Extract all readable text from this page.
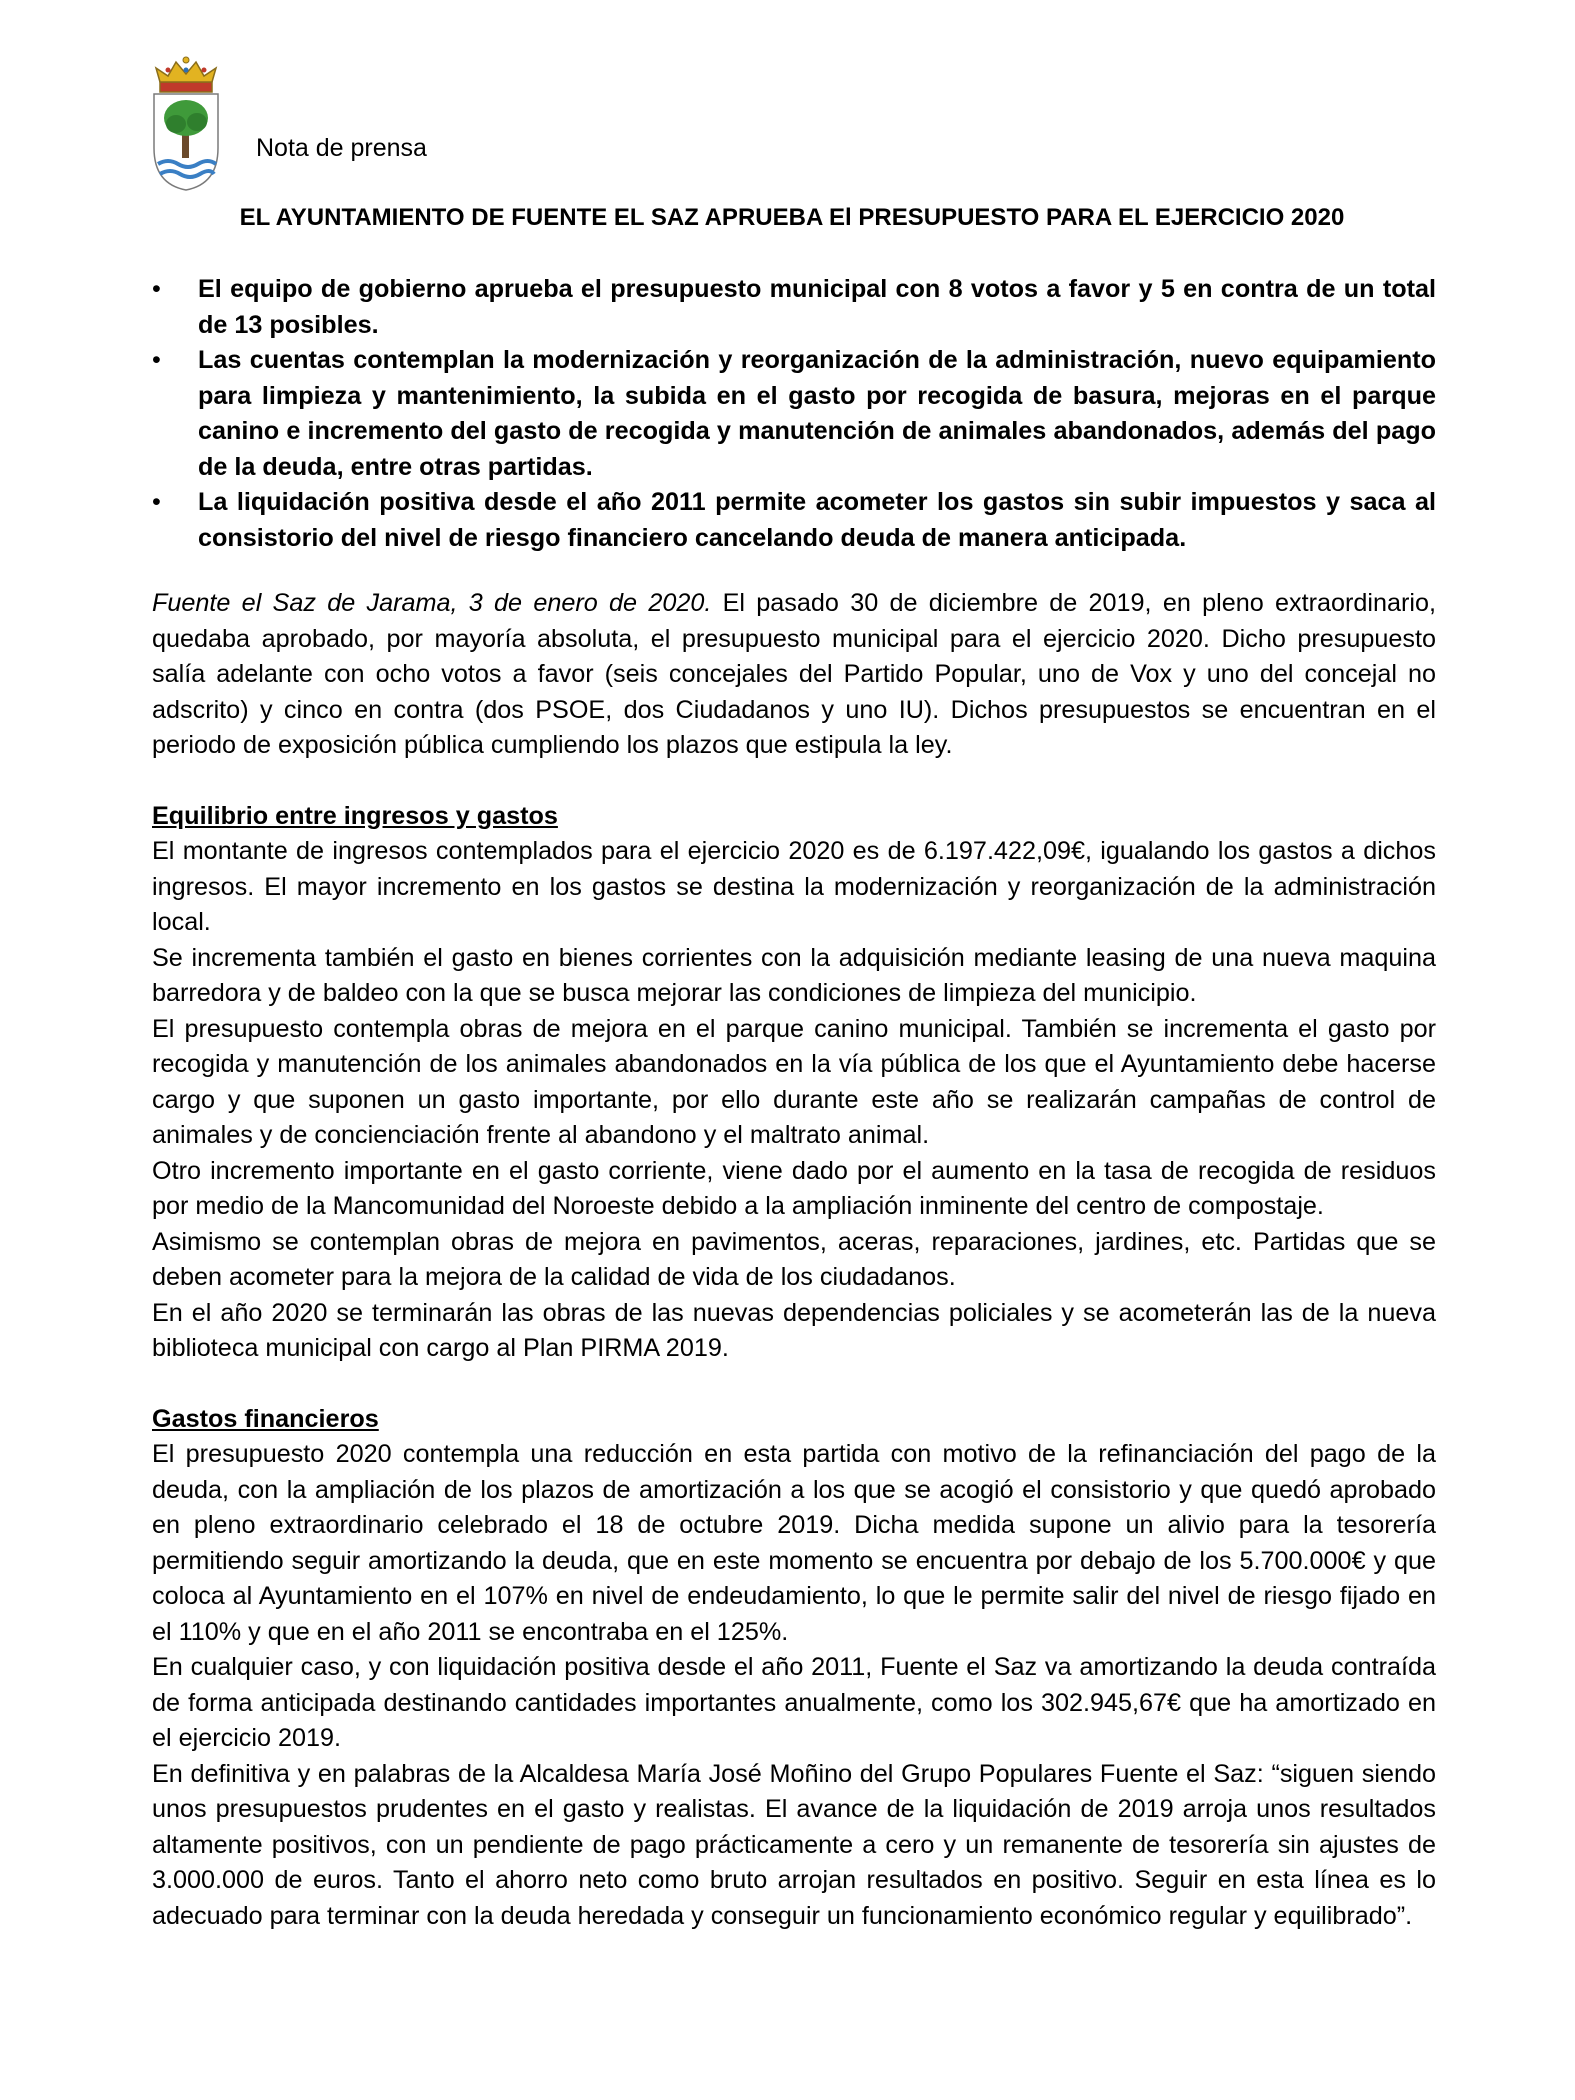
Nota de prensa
EL AYUNTAMIENTO DE FUENTE EL SAZ APRUEBA El PRESUPUESTO PARA EL EJERCICIO 2020
• El equipo de gobierno aprueba el presupuesto municipal con 8 votos a favor y 5 en contra de un total de 13 posibles.
• Las cuentas contemplan la modernización y reorganización de la administración, nuevo equipamiento para limpieza y mantenimiento, la subida en el gasto por recogida de basura, mejoras en el parque canino e incremento del gasto de recogida y manutención de animales abandonados, además del pago de la deuda, entre otras partidas.
• La liquidación positiva desde el año 2011 permite acometer los gastos sin subir impuestos y saca al consistorio del nivel de riesgo financiero cancelando deuda de manera anticipada.

Fuente el Saz de Jarama, 3 de enero de 2020. El pasado 30 de diciembre de 2019, en pleno extraordinario, quedaba aprobado, por mayoría absoluta, el presupuesto municipal para el ejercicio 2020. Dicho presupuesto salía adelante con ocho votos a favor (seis concejales del Partido Popular, uno de Vox y uno del concejal no adscrito) y cinco en contra (dos PSOE, dos Ciudadanos y uno IU). Dichos presupuestos se encuentran en el periodo de exposición pública cumpliendo los plazos que estipula la ley.

Equilibrio entre ingresos y gastos

El montante de ingresos contemplados para el ejercicio 2020 es de 6.197.422,09€, igualando los gastos a dichos ingresos. El mayor incremento en los gastos se destina la modernización y reorganización de la administración local.

Se incrementa también el gasto en bienes corrientes con la adquisición mediante leasing de una nueva maquina barredora y de baldeo con la que se busca mejorar las condiciones de limpieza del municipio.

El presupuesto contempla obras de mejora en el parque canino municipal. También se incrementa el gasto por recogida y manutención de los animales abandonados en la vía pública de los que el Ayuntamiento debe hacerse cargo y que suponen un gasto importante, por ello durante este año se realizarán campañas de control de animales y de concienciación frente al abandono y el maltrato animal.

Otro incremento importante en el gasto corriente, viene dado por el aumento en la tasa de recogida de residuos por medio de la Mancomunidad del Noroeste debido a la ampliación inminente del centro de compostaje.

Asimismo se contemplan obras de mejora en pavimentos, aceras, reparaciones, jardines, etc. Partidas que se deben acometer para la mejora de la calidad de vida de los ciudadanos.

En el año 2020 se terminarán las obras de las nuevas dependencias policiales y se acometerán las de la nueva biblioteca municipal con cargo al Plan PIRMA 2019.

Gastos financieros

El presupuesto 2020 contempla una reducción en esta partida con motivo de la refinanciación del pago de la deuda, con la ampliación de los plazos de amortización a los que se acogió el consistorio y que quedó aprobado en pleno extraordinario celebrado el 18 de octubre 2019. Dicha medida supone un alivio para la tesorería permitiendo seguir amortizando la deuda, que en este momento se encuentra por debajo de los 5.700.000€ y que coloca al Ayuntamiento en el 107% en nivel de endeudamiento, lo que le permite salir del nivel de riesgo fijado en el 110% y que en el año 2011 se encontraba en el 125%.

En cualquier caso, y con liquidación positiva desde el año 2011, Fuente el Saz va amortizando la deuda contraída de forma anticipada destinando cantidades importantes anualmente, como los 302.945,67€ que ha amortizado en el ejercicio 2019.

En definitiva y en palabras de la Alcaldesa María José Moñino del Grupo Populares Fuente el Saz: “siguen siendo unos presupuestos prudentes en el gasto y realistas. El avance de la liquidación de 2019 arroja unos resultados altamente positivos, con un pendiente de pago prácticamente a cero y un remanente de tesorería sin ajustes de 3.000.000 de euros. Tanto el ahorro neto como bruto arrojan resultados en positivo. Seguir en esta línea es lo adecuado para terminar con la deuda heredada y conseguir un funcionamiento económico regular y equilibrado”.
